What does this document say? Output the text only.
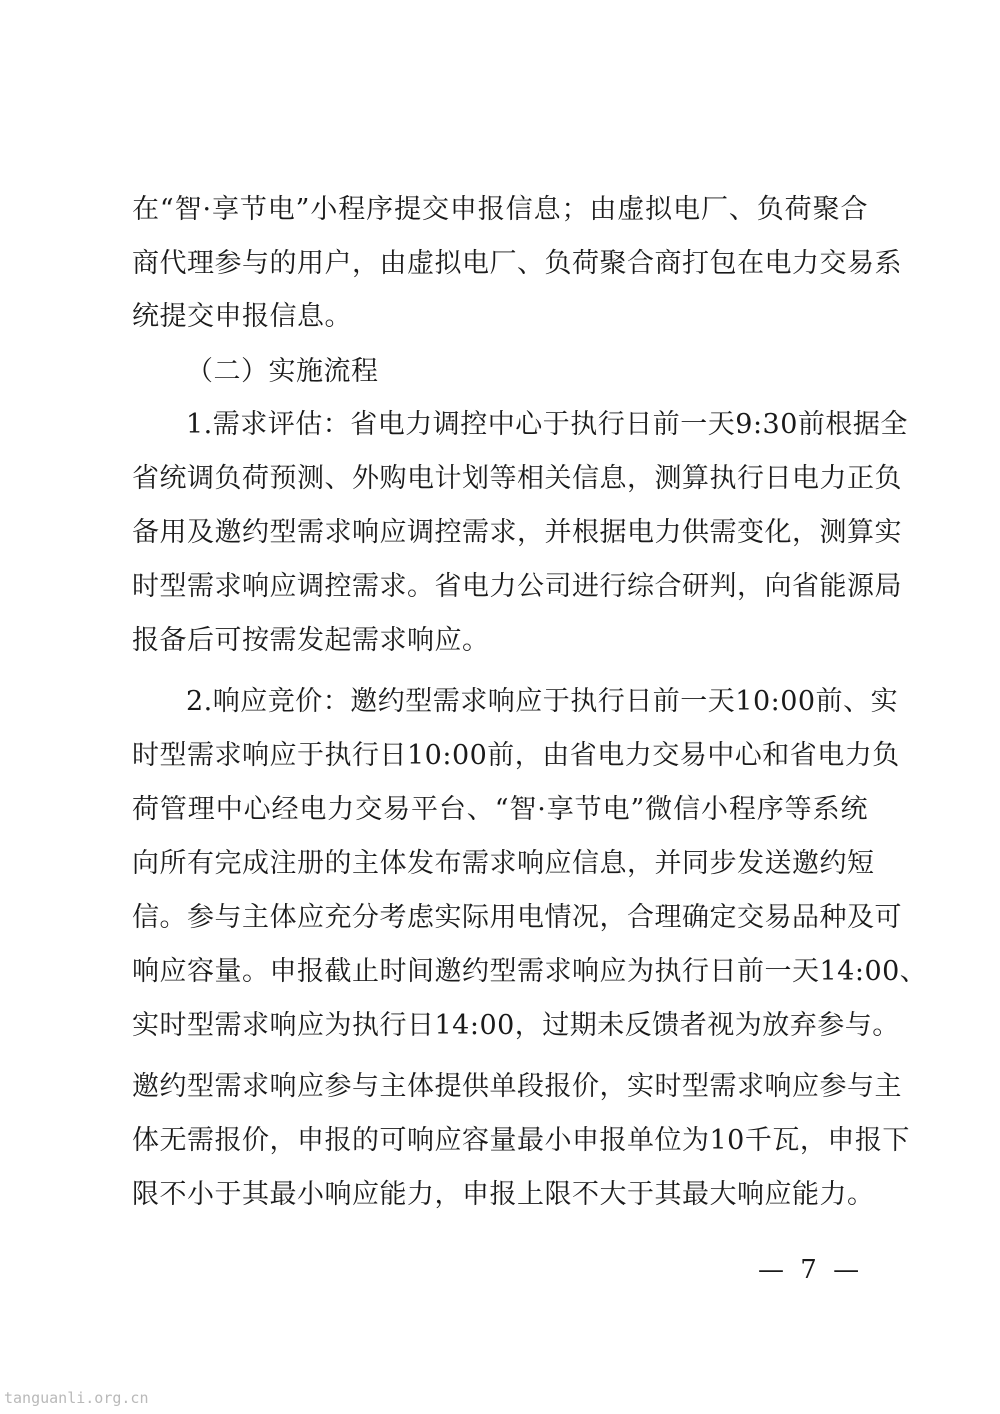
在“智·享节电”小程序提交申报信息；由虚拟电厂、负荷聚合
商代理参与的用户，由虚拟电厂、负荷聚合商打包在电力交易系
统提交申报信息。
（二）实施流程
1.需求评估：省电力调控中心于执行日前一天9:30前根据全
省统调负荷预测、外购电计划等相关信息，测算执行日电力正负
备用及邀约型需求响应调控需求，并根据电力供需变化，测算实
时型需求响应调控需求。省电力公司进行综合研判，向省能源局
报备后可按需发起需求响应。
2.响应竞价：邀约型需求响应于执行日前一天10:00前、实
时型需求响应于执行日10:00前，由省电力交易中心和省电力负
荷管理中心经电力交易平台、“智·享节电”微信小程序等系统
向所有完成注册的主体发布需求响应信息，并同步发送邀约短
信。参与主体应充分考虑实际用电情况，合理确定交易品种及可
响应容量。申报截止时间邀约型需求响应为执行日前一天14:00、
实时型需求响应为执行日14:00，过期未反馈者视为放弃参与。
邀约型需求响应参与主体提供单段报价，实时型需求响应参与主
体无需报价，申报的可响应容量最小申报单位为10千瓦，申报下
限不小于其最小响应能力，申报上限不大于其最大响应能力。
— 7 —
tanguanli.org.cn
